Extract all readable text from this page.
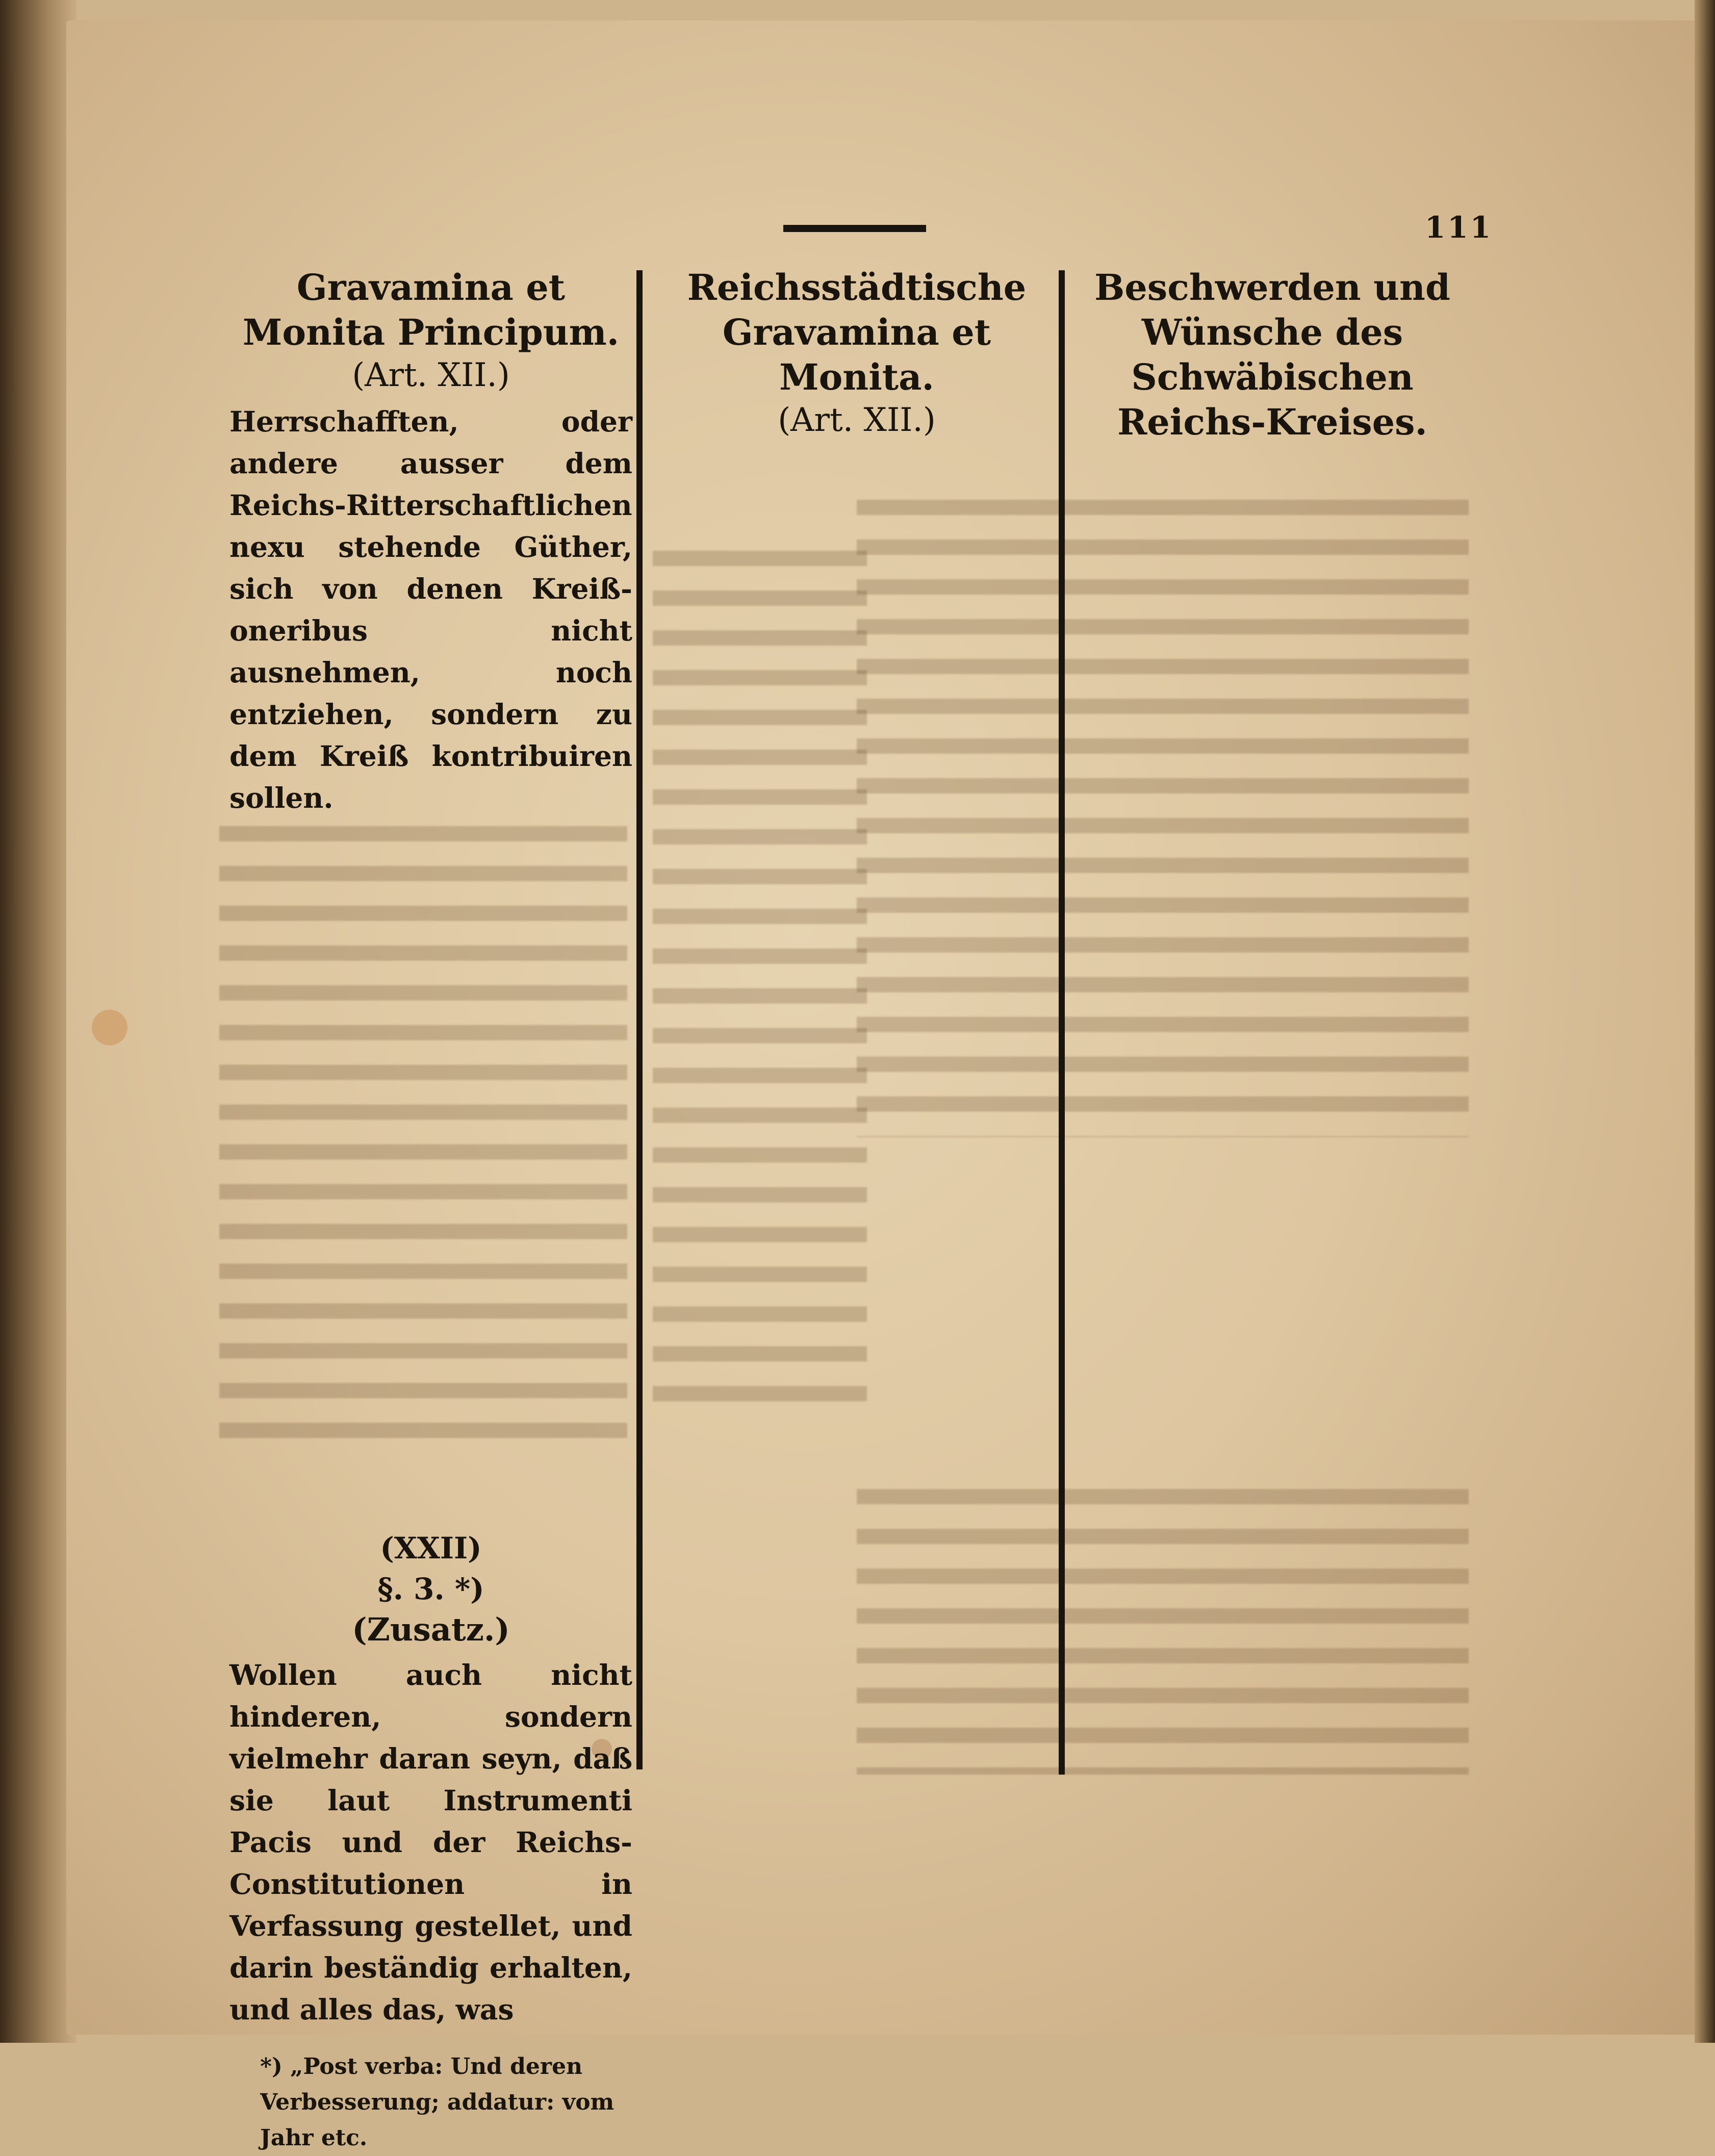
111
Gravamina et Monita Principum.
(Art. XII.)
Herrschafften, oder andere ausser dem Reichs-Ritterschaftlichen nexu stehende Güther, sich von denen Kreiß-oneribus nicht ausnehmen, noch entziehen, sondern zu dem Kreiß kontribuiren sollen.
(XXII)
§. 3. *)
(Zusatz.)
Wollen auch nicht hinderen, sondern vielmehr daran seyn, daß sie laut Instrumenti Pacis und der Reichs-Constitutionen in Verfassung gestellet, und darin beständig erhalten, und alles das, was
*) „Post verba: Und deren Verbesserung; addatur: vom Jahr etc.
Reichsstädtische Gravamina et Monita.
(Art. XII.)
Beschwerden und Wünsche des Schwäbischen Reichs-Kreises.
